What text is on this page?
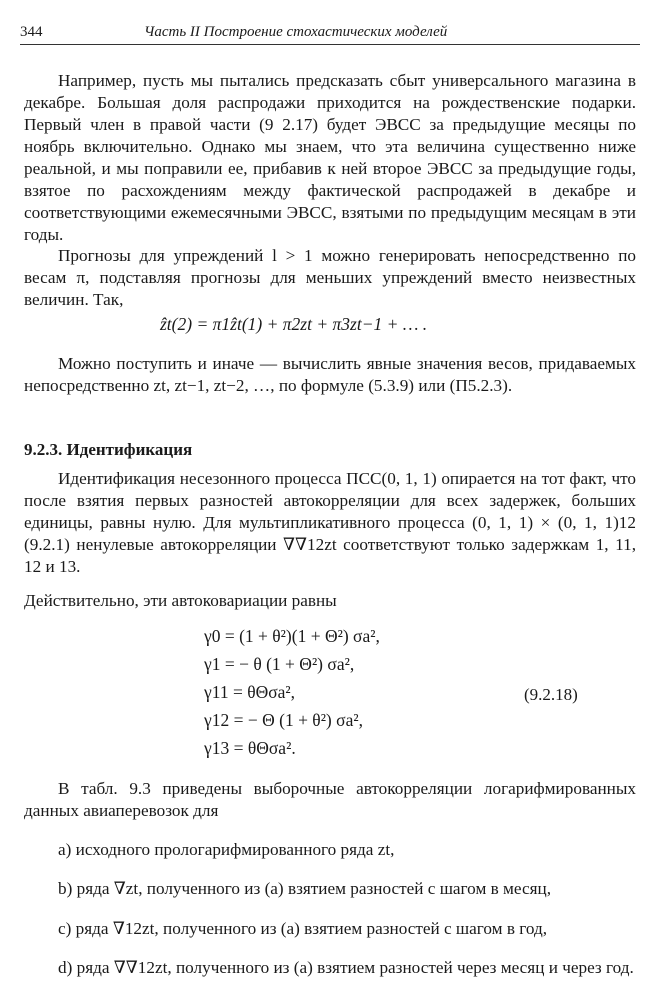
344	Часть II Построение стохастических моделей

Например, пусть мы пытались предсказать сбыт универсального магазина в декабре. Большая доля распродажи приходится на рождественские подарки. Первый член в правой части (9 2.17) будет ЭВСС за предыдущие месяцы по ноябрь включительно. Однако мы знаем, что эта величина существенно ниже реальной, и мы поправили ее, прибавив к ней второе ЭВСС за предыдущие годы, взятое по расхождениям между фактической распродажей в декабре и соответствующими ежемесячными ЭВСС, взятыми по предыдущим месяцам в эти годы.

Прогнозы для упреждений l > 1 можно генерировать непосредственно по весам π, подставляя прогнозы для меньших упреждений вместо неизвестных величин. Так,

ẑt(2) = π1ẑt(1) + π2zt + π3zt−1 + … .

Можно поступить и иначе — вычислить явные значения весов, придаваемых непосредственно zt, zt−1, zt−2, …, по формуле (5.3.9) или (П5.2.3).

9.2.3. Идентификация

Идентификация несезонного процесса ПСС(0, 1, 1) опирается на тот факт, что после взятия первых разностей автокорреляции для всех задержек, больших единицы, равны нулю. Для мультипликативного процесса (0, 1, 1) × (0, 1, 1)12 (9.2.1) ненулевые автокорреляции ∇∇12zt соответствуют только задержкам 1, 11, 12 и 13.

Действительно, эти автоковариации равны

γ0 = (1 + θ²)(1 + Θ²) σa²,
γ1 = − θ (1 + Θ²) σa²,
γ11 = θΘσa²,
γ12 = − Θ (1 + θ²) σa²,
γ13 = θΘσa².
(9.2.18)

В табл. 9.3 приведены выборочные автокорреляции логарифмированных данных авиаперевозок для

a) исходного прологарифмированного ряда zt,

b) ряда ∇zt, полученного из (a) взятием разностей с шагом в месяц,

c) ряда ∇12zt, полученного из (a) взятием разностей с шагом в год,

d) ряда ∇∇12zt, полученного из (a) взятием разностей через месяц и через год.
